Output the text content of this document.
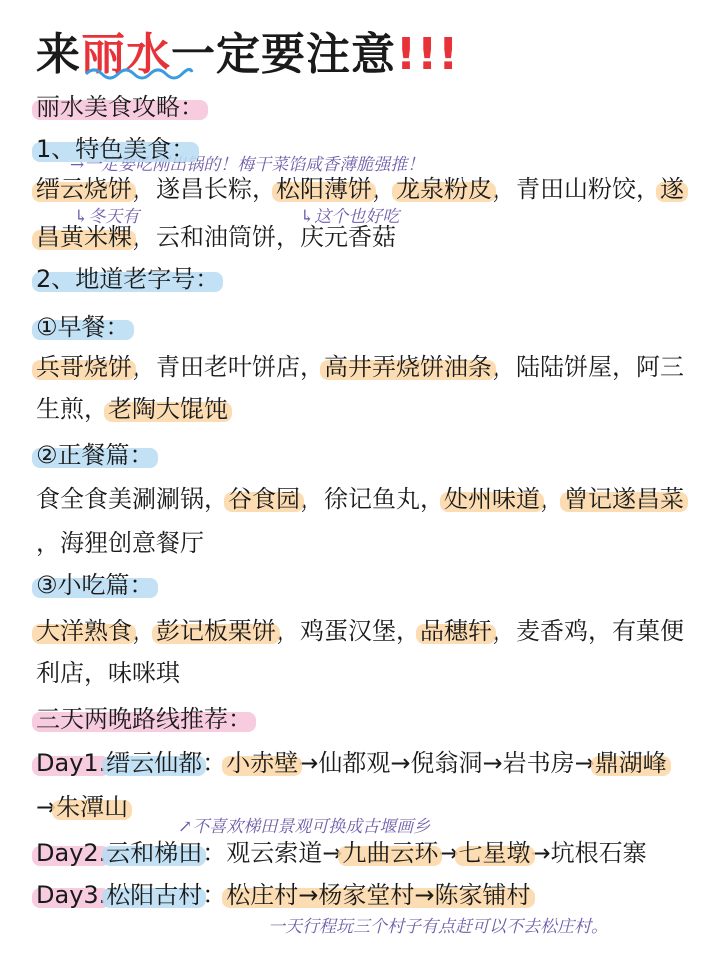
来丽水一定要注意!!!
丽水美食攻略：
1、特色美食：
→一定要吃刚出锅的！梅干菜馅咸香薄脆强推！
缙云烧饼，遂昌长粽，松阳薄饼，龙泉粉皮，青田山粉饺，遂
↳冬天有	↳这个也好吃
昌黄米粿，云和油筒饼，庆元香菇
2、地道老字号：
①早餐：
兵哥烧饼，青田老叶饼店，高井弄烧饼油条，陆陆饼屋，阿三
生煎，老陶大馄饨
②正餐篇：
食全食美涮涮锅，谷食园，徐记鱼丸，处州味道，曾记遂昌菜
，海狸创意餐厅
③小吃篇：
大洋熟食，彭记板栗饼，鸡蛋汉堡，品穗轩，麦香鸡，有菓便
利店，味咪琪
三天两晚路线推荐：
Day1.缙云仙都：小赤壁→仙都观→倪翁洞→岩书房→鼎湖峰
→朱潭山
↗不喜欢梯田景观可换成古堰画乡
Day2.云和梯田：观云索道→九曲云环→七星墩→坑根石寨
Day3.松阳古村：松庄村→杨家堂村→陈家铺村
一天行程玩三个村子有点赶可以不去松庄村。
